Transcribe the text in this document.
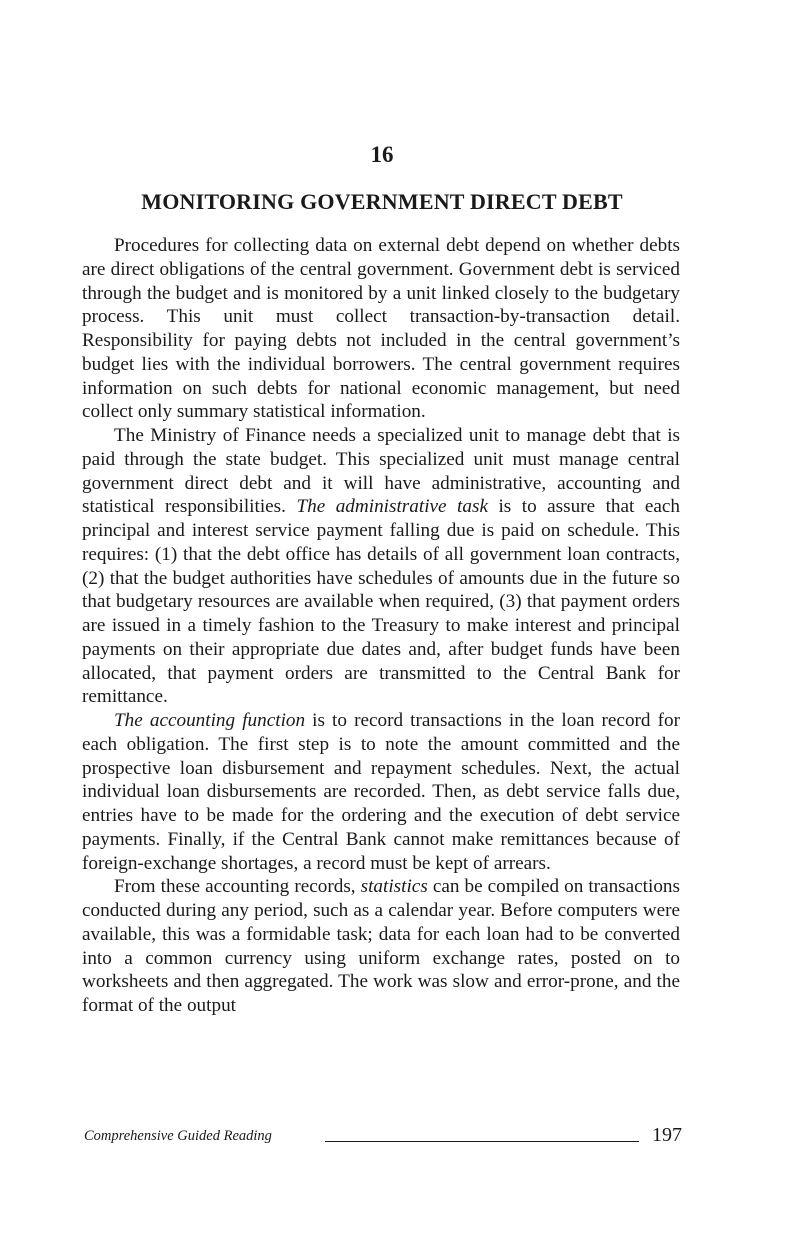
16
MONITORING GOVERNMENT DIRECT DEBT

Procedures for collecting data on external debt depend on whether debts are direct obligations of the central government. Government debt is serviced through the budget and is monitored by a unit linked closely to the budgetary process. This unit must collect transaction-by-transaction detail. Responsibility for paying debts not included in the central government’s budget lies with the individual borrowers. The central government requires information on such debts for national economic management, but need collect only summary statistical information.

The Ministry of Finance needs a specialized unit to manage debt that is paid through the state budget. This specialized unit must manage central government direct debt and it will have administrative, accounting and statistical responsibilities. The administrative task is to assure that each principal and interest service payment falling due is paid on schedule. This requires: (1) that the debt office has details of all government loan contracts, (2) that the budget authorities have schedules of amounts due in the future so that budgetary resources are available when required, (3) that payment orders are issued in a timely fashion to the Treasury to make interest and principal payments on their appropriate due dates and, after budget funds have been allocated, that payment orders are transmitted to the Central Bank for remittance.

The accounting function is to record transactions in the loan record for each obligation. The first step is to note the amount committed and the prospective loan disbursement and repayment schedules. Next, the actual individual loan disbursements are recorded. Then, as debt service falls due, entries have to be made for the ordering and the execution of debt service payments. Finally, if the Central Bank cannot make remittances because of foreign-exchange shortages, a record must be kept of arrears.

From these accounting records, statistics can be compiled on transactions conducted during any period, such as a calendar year. Before computers were available, this was a formidable task; data for each loan had to be converted into a common currency using uniform exchange rates, posted on to worksheets and then aggregated. The work was slow and error-prone, and the format of the output

Comprehensive Guided Reading	197
